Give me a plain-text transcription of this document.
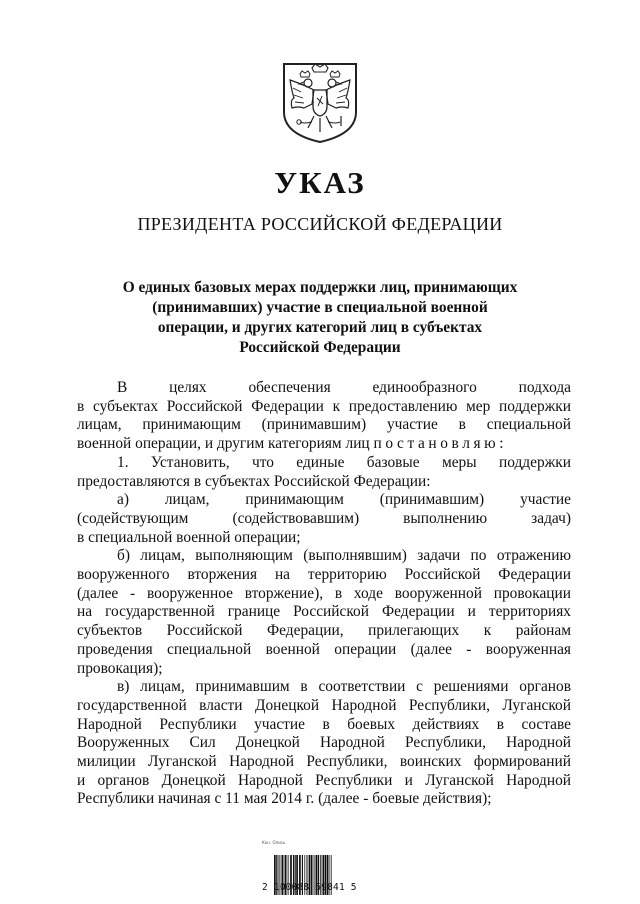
УКАЗ
ПРЕЗИДЕНТА РОССИЙСКОЙ ФЕДЕРАЦИИ
О единых базовых мерах поддержки лиц, принимающих
(принимавших) участие в специальной военной
операции, и других категорий лиц в субъектах
Российской Федерации
В целях обеспечения единообразного подхода
в субъектах Российской Федерации к предоставлению мер поддержки
лицам, принимающим (принимавшим) участие в специальной
военной операции, и другим категориям лиц постановляю:
1. Установить, что единые базовые меры поддержки
предоставляются в субъектах Российской Федерации:
а) лицам, принимающим (принимавшим) участие
(содействующим (содействовавшим) выполнению задач)
в специальной военной операции;
б) лицам, выполняющим (выполнявшим) задачи по отражению
вооруженного вторжения на территорию Российской Федерации
(далее - вооруженное вторжение), в ходе вооруженной провокации
на государственной границе Российской Федерации и территориях
субъектов Российской Федерации, прилегающих к районам
проведения специальной военной операции (далее - вооруженная
провокация);
в) лицам, принимавшим в соответствии с решениями органов
государственной власти Донецкой Народной Республики, Луганской
Народной Республики участие в боевых действиях в составе
Вооруженных Сил Донецкой Народной Республики, Народной
милиции Луганской Народной Республики, воинских формирований
и органов Донецкой Народной Республики и Луганской Народной
Республики начиная с 11 мая 2014 г. (далее - боевые действия);
Кон. Опись
2 100088 69841 5
